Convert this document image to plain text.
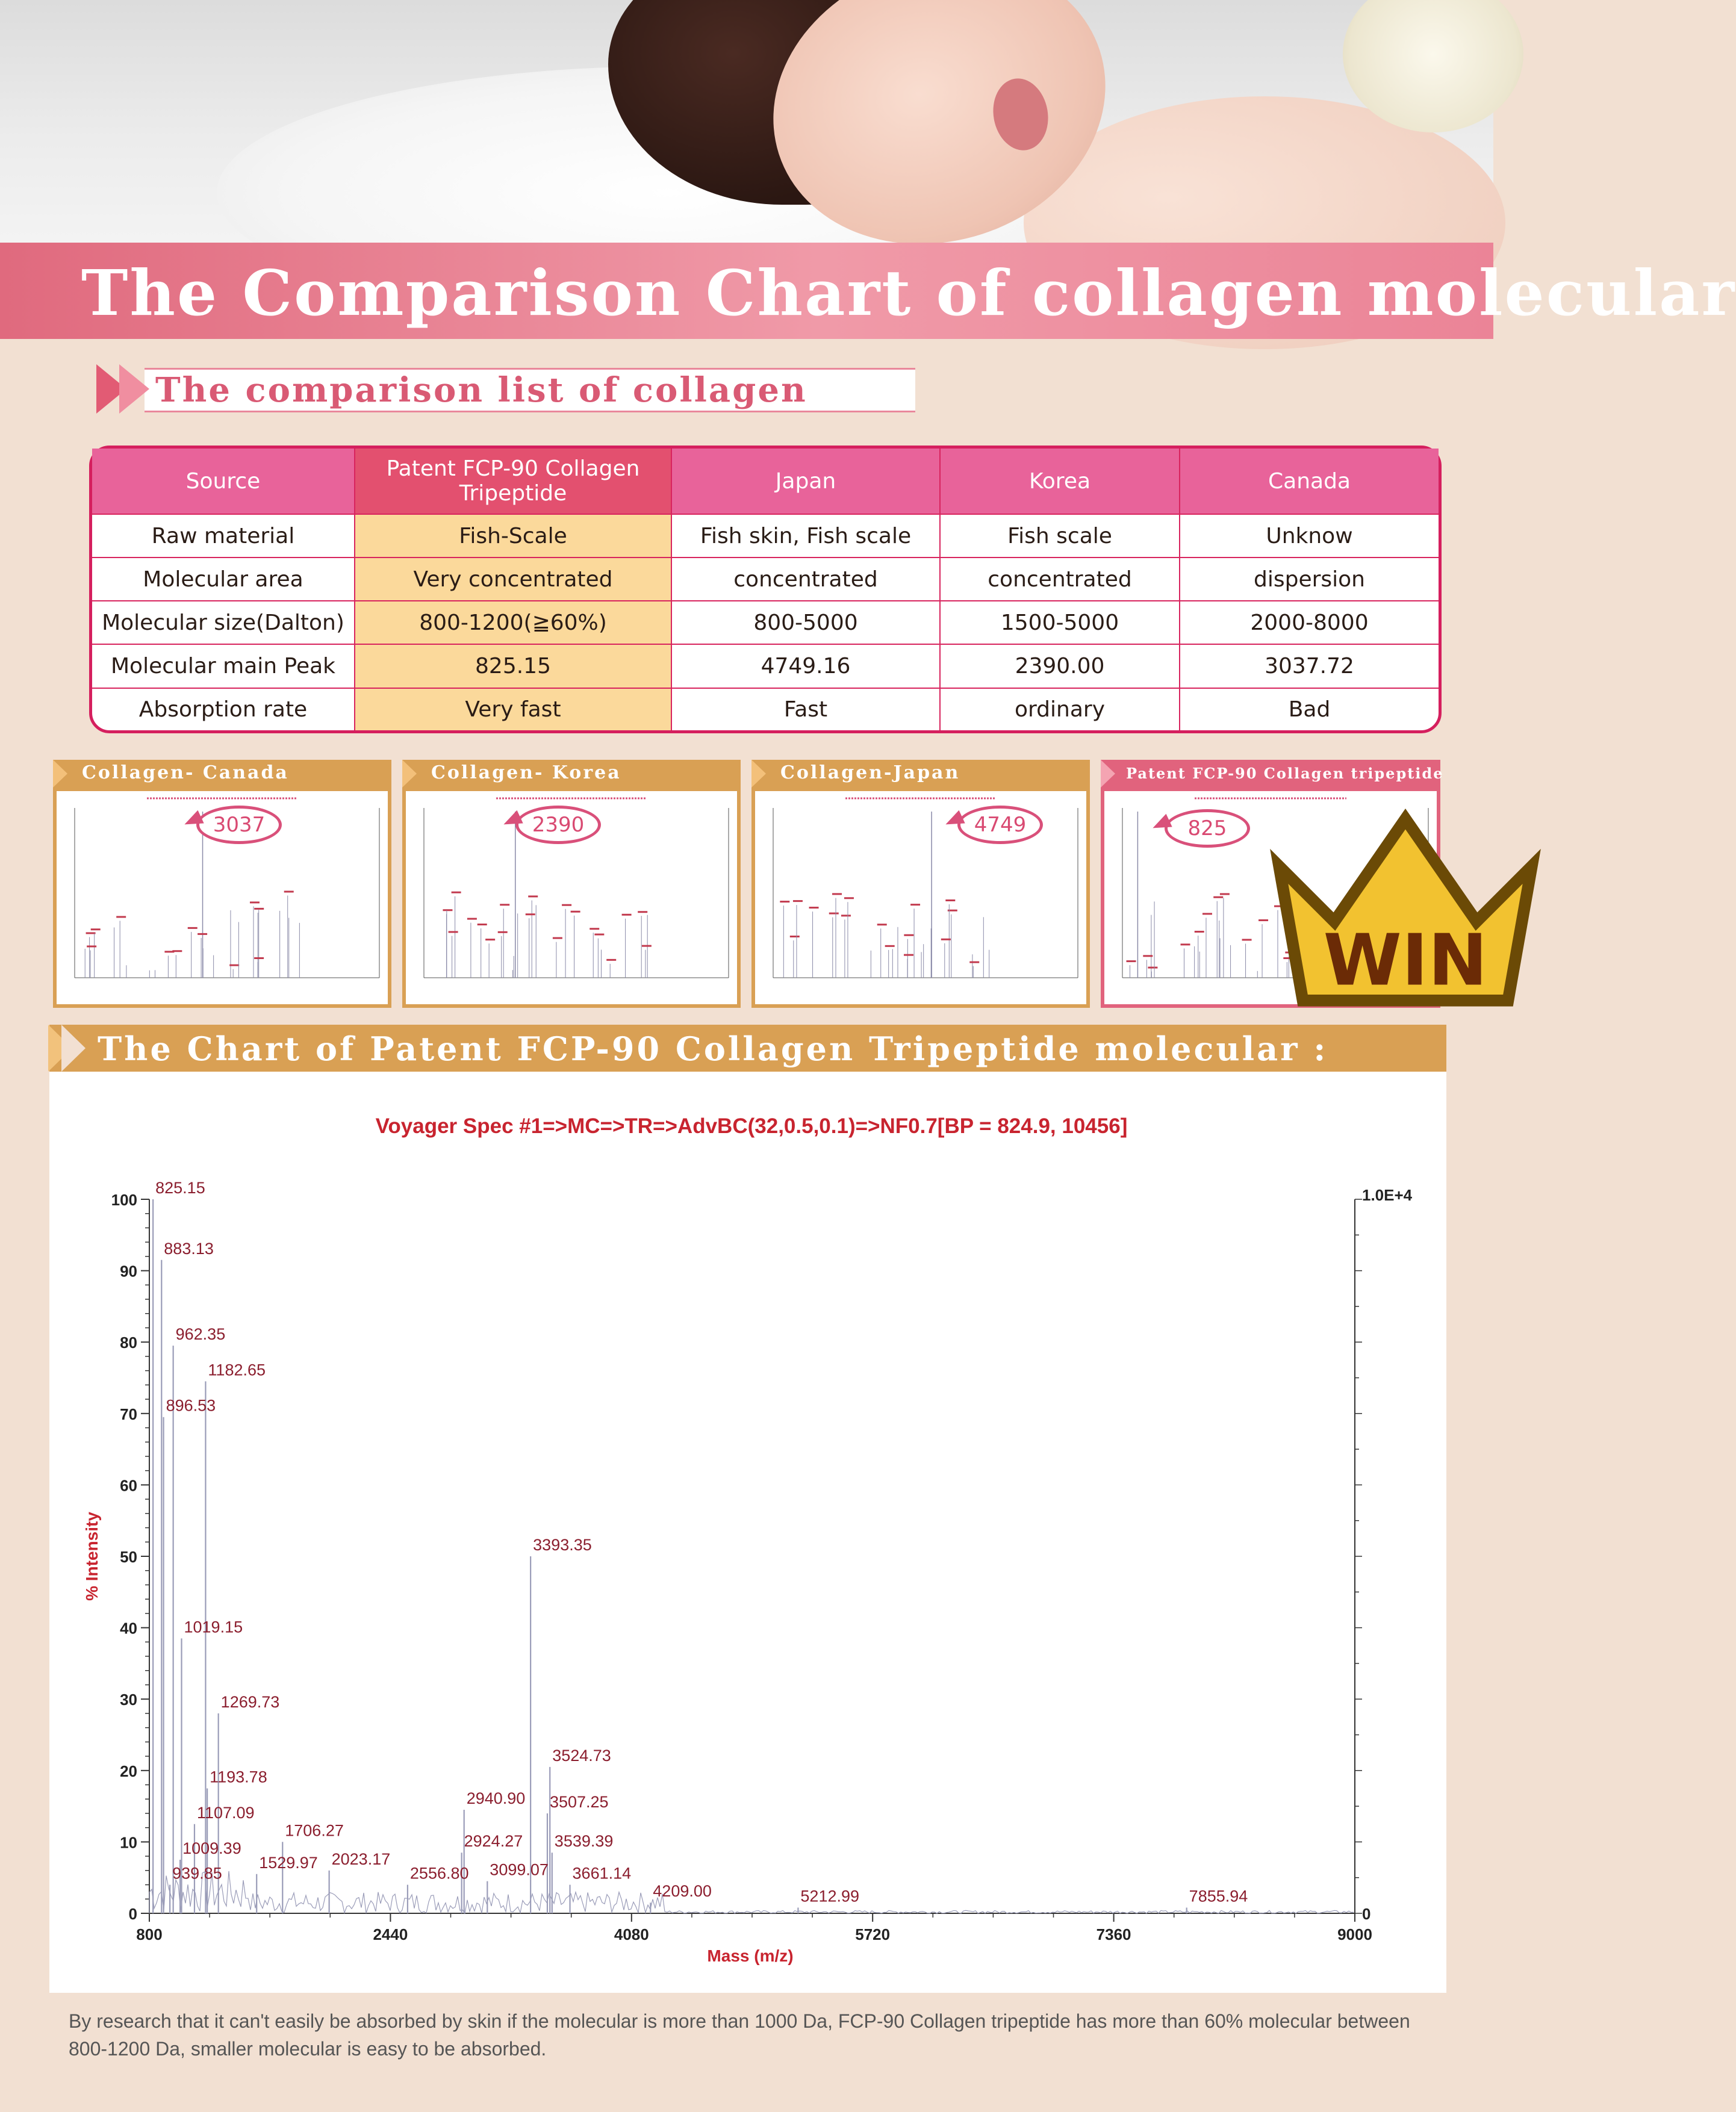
The Comparison Chart of collagen molecular
The comparison list of collagen
Source	Patent FCP-90 Collagen Tripeptide	Japan	Korea	Canada
Raw material	Fish-Scale	Fish skin, Fish scale	Fish scale	Unknow
Molecular area	Very concentrated	concentrated	concentrated	dispersion
Molecular size(Dalton)	800-1200(≧60%)	800-5000	1500-5000	2000-8000
Molecular main Peak	825.15	4749.16	2390.00	3037.72
Absorption rate	Very fast	Fast	ordinary	Bad
Collagen- Canada
3037
Collagen- Korea
2390
Collagen-Japan
4749
Patent FCP-90 Collagen tripeptide
825
WIN
The Chart of Patent FCP-90 Collagen Tripeptide molecular :
Voyager Spec #1=>MC=>TR=>AdvBC(32,0.5,0.1)=>NF0.7[BP = 824.9, 10456]
0
10
20
30
40
50
60
70
80
90
100
800	2440	4080	5720	7360	9000
1.0E+4
0
825.15
883.13
896.53
939.85
962.35
1009.39
1019.15
1107.09
1182.65
1193.78
1269.73
1529.97
1706.27
2023.17
2556.80
2924.27
2940.90
3099.07
3393.35
3507.25
3524.73
3539.39
3661.14
4209.00	5212.99	7855.94
% Intensity
Mass (m/z)
By research that it can't easily be absorbed by skin if the molecular is more than 1000 Da, FCP-90 Collagen tripeptide has more than 60% molecular between 800-1200 Da, smaller molecular is easy to be absorbed.
